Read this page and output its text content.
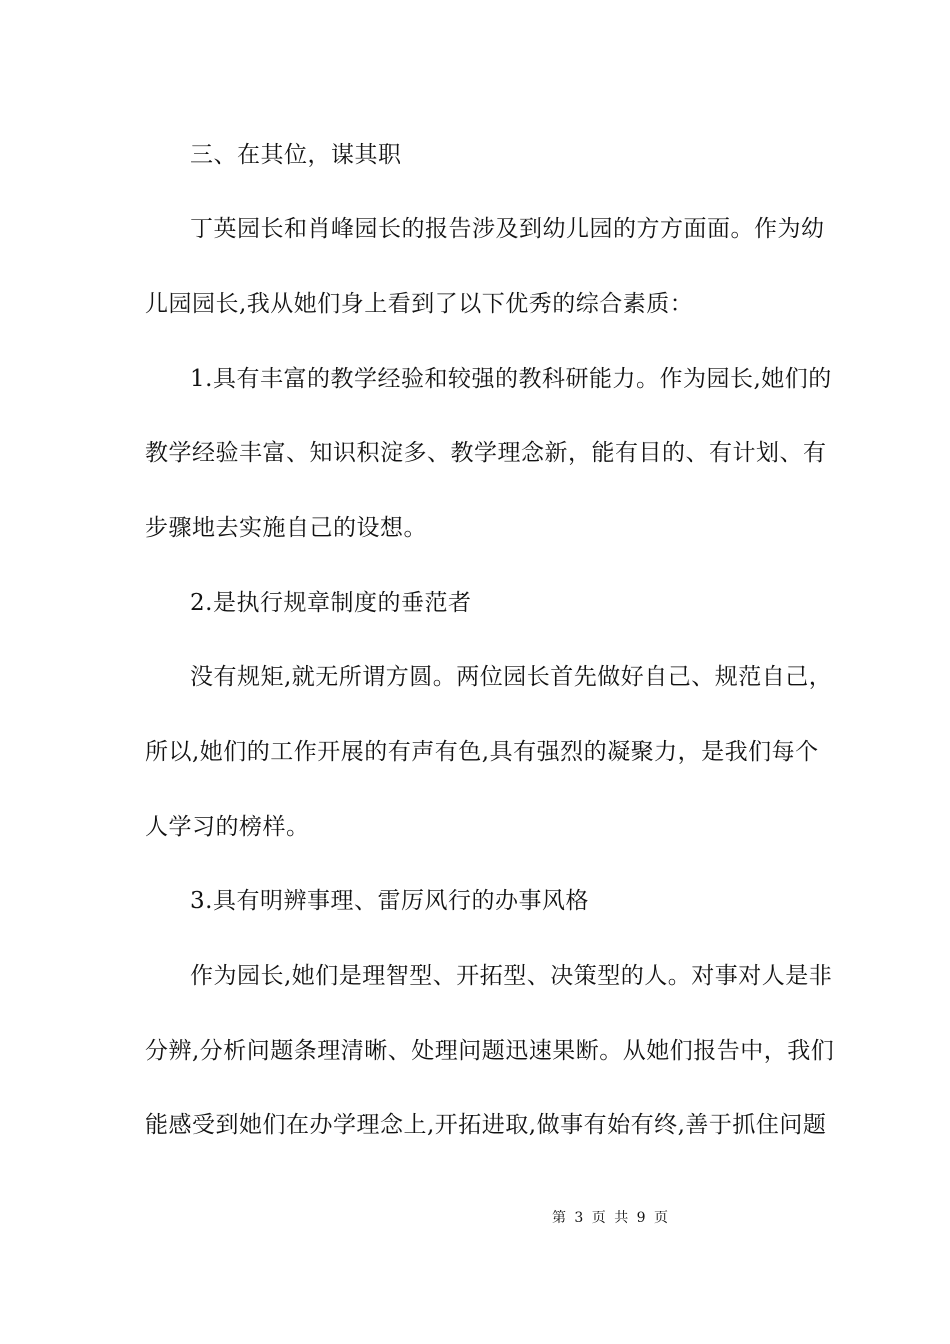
三、在其位，谋其职
丁英园长和肖峰园长的报告涉及到幼儿园的方方面面。作为幼
儿园园长,我从她们身上看到了以下优秀的综合素质：
1.具有丰富的教学经验和较强的教科研能力。作为园长,她们的
教学经验丰富、知识积淀多、教学理念新，能有目的、有计划、有
步骤地去实施自己的设想。
2.是执行规章制度的垂范者
没有规矩,就无所谓方圆。两位园长首先做好自己、规范自己，
所以,她们的工作开展的有声有色,具有强烈的凝聚力，是我们每个
人学习的榜样。
3.具有明辨事理、雷厉风行的办事风格
作为园长,她们是理智型、开拓型、决策型的人。对事对人是非
分辨,分析问题条理清晰、处理问题迅速果断。从她们报告中，我们
能感受到她们在办学理念上,开拓进取,做事有始有终,善于抓住问题
第 3 页 共 9 页
